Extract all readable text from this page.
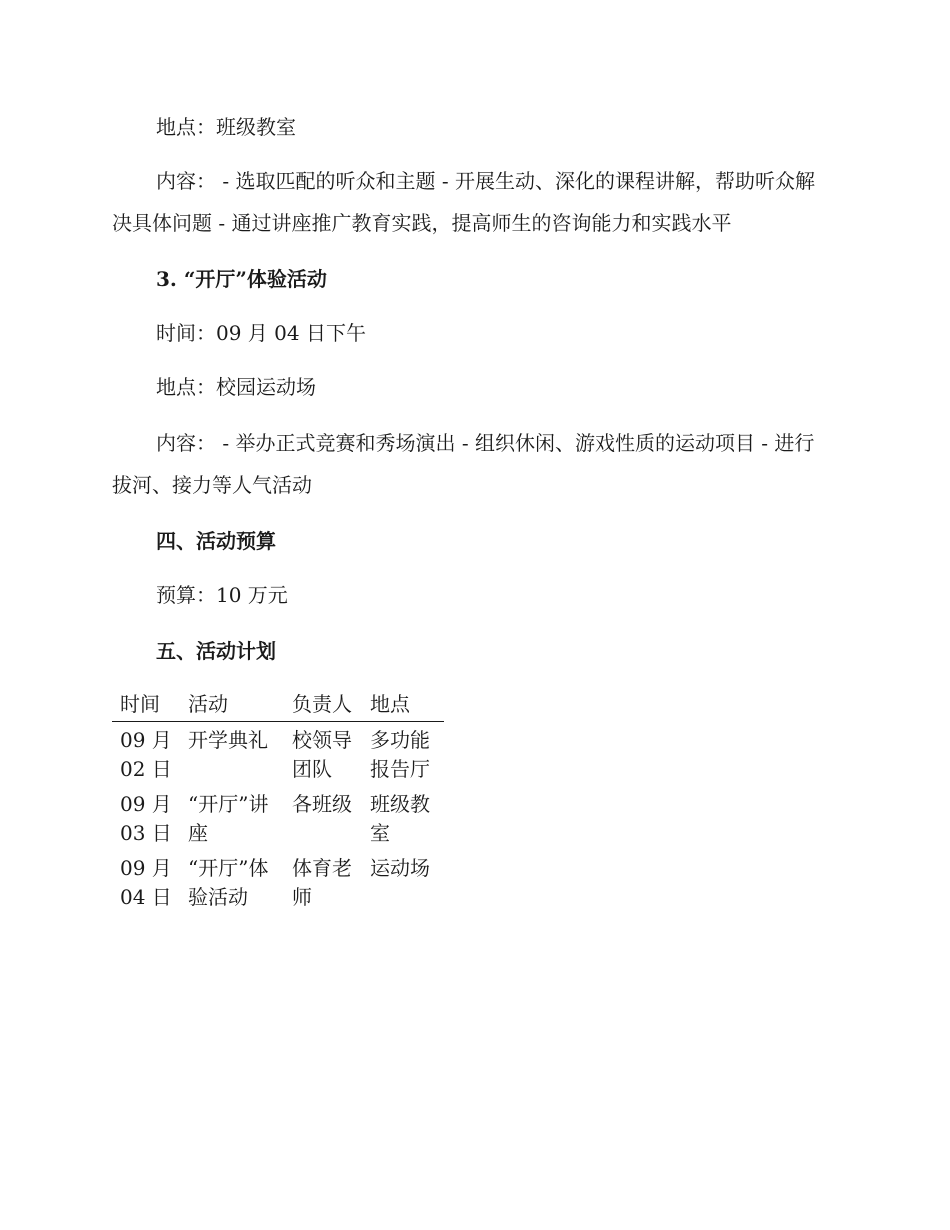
地点：班级教室

内容： - 选取匹配的听众和主题 - 开展生动、深化的课程讲解，帮助听众解决具体问题 - 通过讲座推广教育实践，提高师生的咨询能力和实践水平

3. “开厅”体验活动

时间：09 月 04 日下午

地点：校园运动场

内容： - 举办正式竞赛和秀场演出 - 组织休闲、游戏性质的运动项目 - 进行拔河、接力等人气活动

四、活动预算

预算：10 万元

五、活动计划

时间	活动	负责人	地点
09 月 02 日	开学典礼	校领导团队	多功能报告厅
09 月 03 日	“开厅”讲座	各班级	班级教室
09 月 04 日	“开厅”体验活动	体育老师	运动场
